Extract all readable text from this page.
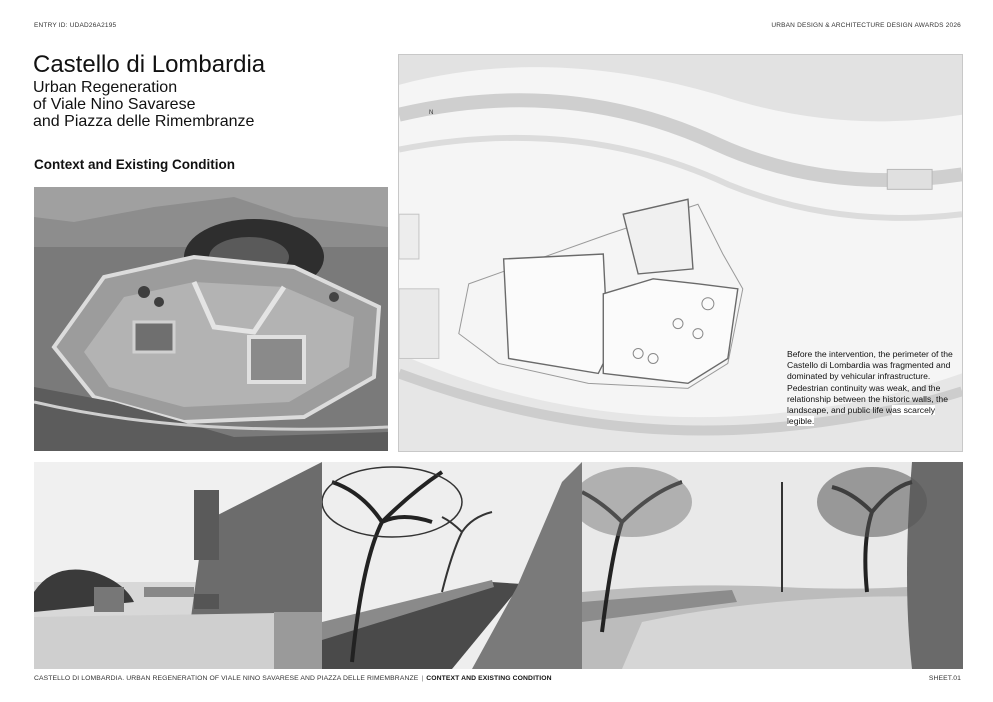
ENTRY ID: UDAD26A2195	URBAN DESIGN & ARCHITECTURE DESIGN AWARDS 2026
Castello di Lombardia
Urban Regeneration
of Viale Nino Savarese
and Piazza delle Rimembranze
Context and Existing Condition
N
Before the intervention, the perimeter of the Castello di Lombardia was fragmented and dominated by vehicular infrastructure. Pedestrian continuity was weak, and the relationship between the historic walls, the landscape, and public life was scarcely legible.
CASTELLO DI LOMBARDIA. URBAN REGENERATION OF VIALE NINO SAVARESE AND PIAZZA DELLE RIMEMBRANZE | CONTEXT AND EXISTING CONDITION	SHEET.01
